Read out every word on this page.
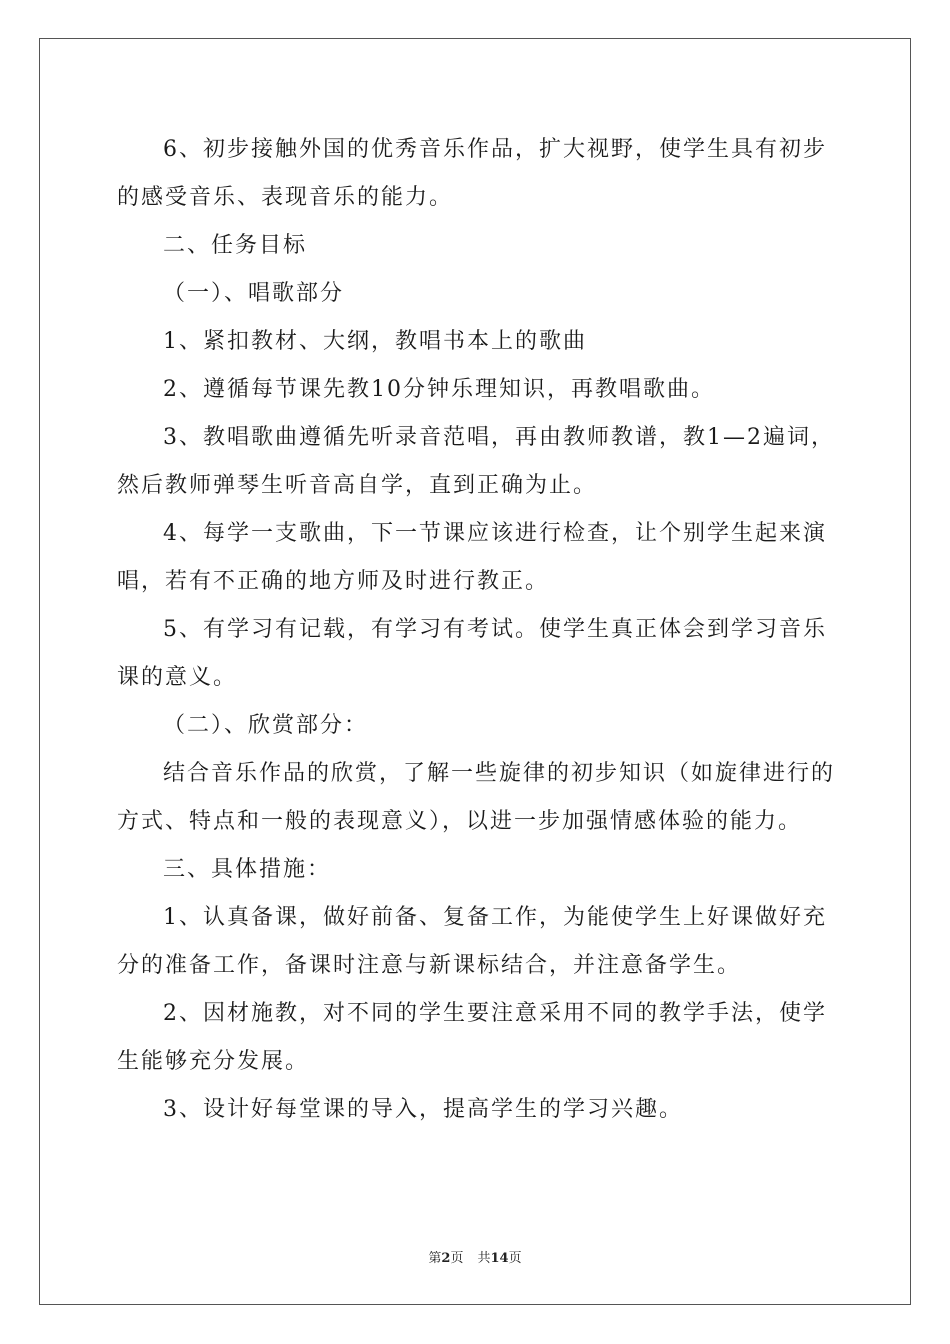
6、初步接触外国的优秀音乐作品，扩大视野，使学生具有初步的感受音乐、表现音乐的能力。

二、任务目标

（一）、唱歌部分

1、紧扣教材、大纲，教唱书本上的歌曲

2、遵循每节课先教10分钟乐理知识，再教唱歌曲。

3、教唱歌曲遵循先听录音范唱，再由教师教谱，教1—2遍词，然后教师弹琴生听音高自学，直到正确为止。

4、每学一支歌曲，下一节课应该进行检查，让个别学生起来演唱，若有不正确的地方师及时进行教正。

5、有学习有记载，有学习有考试。使学生真正体会到学习音乐课的意义。

（二）、欣赏部分：

结合音乐作品的欣赏，了解一些旋律的初步知识（如旋律进行的方式、特点和一般的表现意义），以进一步加强情感体验的能力。

三、具体措施：

1、认真备课，做好前备、复备工作，为能使学生上好课做好充分的准备工作，备课时注意与新课标结合，并注意备学生。

2、因材施教，对不同的学生要注意采用不同的教学手法，使学生能够充分发展。

3、设计好每堂课的导入，提高学生的学习兴趣。

第2页 共14页
